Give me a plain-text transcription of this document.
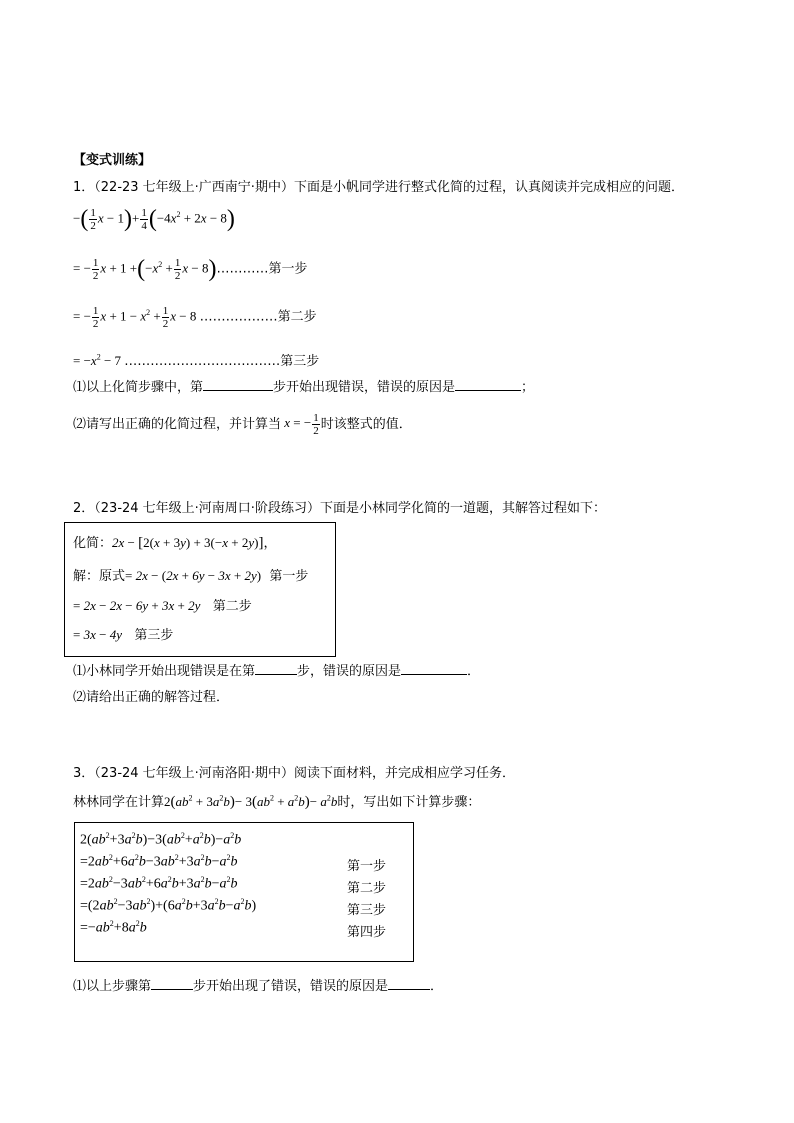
【变式训练】
1．（22-23 七年级上·广西南宁·期中）下面是小帆同学进行整式化简的过程，认真阅读并完成相应的问题．
−( $\frac{1}{2}$ $x - 1)+ \frac{1}{4} (-4x^2 + 2x - 8)$
= − $\frac{1}{2}$ $x + 1 +(-x^2 + \frac{1}{2}$ x − 8)…………第一步
= − $\frac{1}{2}$ $x + 1 - x^2 + \frac{1}{2}$ x − 8 ………………第二步
= $-x^2 - 7$ ………………………………第三步
⑴以上化简步骤中，第	步开始出现错误，错误的原因是	；
⑵请写出正确的化简过程，并计算当 x = − $\frac{1}{2}$ 时该整式的值．
2．（23-24 七年级上·河南周口·阶段练习）下面是小林同学化简的一道题，其解答过程如下：
化简：2x − [2(x + 3y) + 3(−x + 2y)]，
解：原式= 2x − (2x + 6y − 3x + 2y) 第一步
= 2x − 2x − 6y + 3x + 2y 第二步
= 3x − 4y 第三步
⑴小林同学开始出现错误是在第	步，错误的原因是	．
⑵请给出正确的解答过程．
3．（23-24 七年级上·河南洛阳·期中）阅读下面材料，并完成相应学习任务．
林林同学在计算$2(ab^2 + 3a^2b)- 3(ab^2 + a^2b)- a^2b$时，写出如下计算步骤：
$2(ab^2+3a^2b)-3(ab^2+a^2b)-a^2b$
$=2ab^2+6a^2b-3ab^2+3a^2b-a^2b$	第一步
$=2ab^2-3ab^2+6a^2b+3a^2b-a^2b$	第二步
$=(2ab^2-3ab^2)+(6a^2b+3a^2b-a^2b)$	第三步
$=-ab^2+8a^2b$	第四步
⑴以上步骤第	步开始出现了错误，错误的原因是	．
